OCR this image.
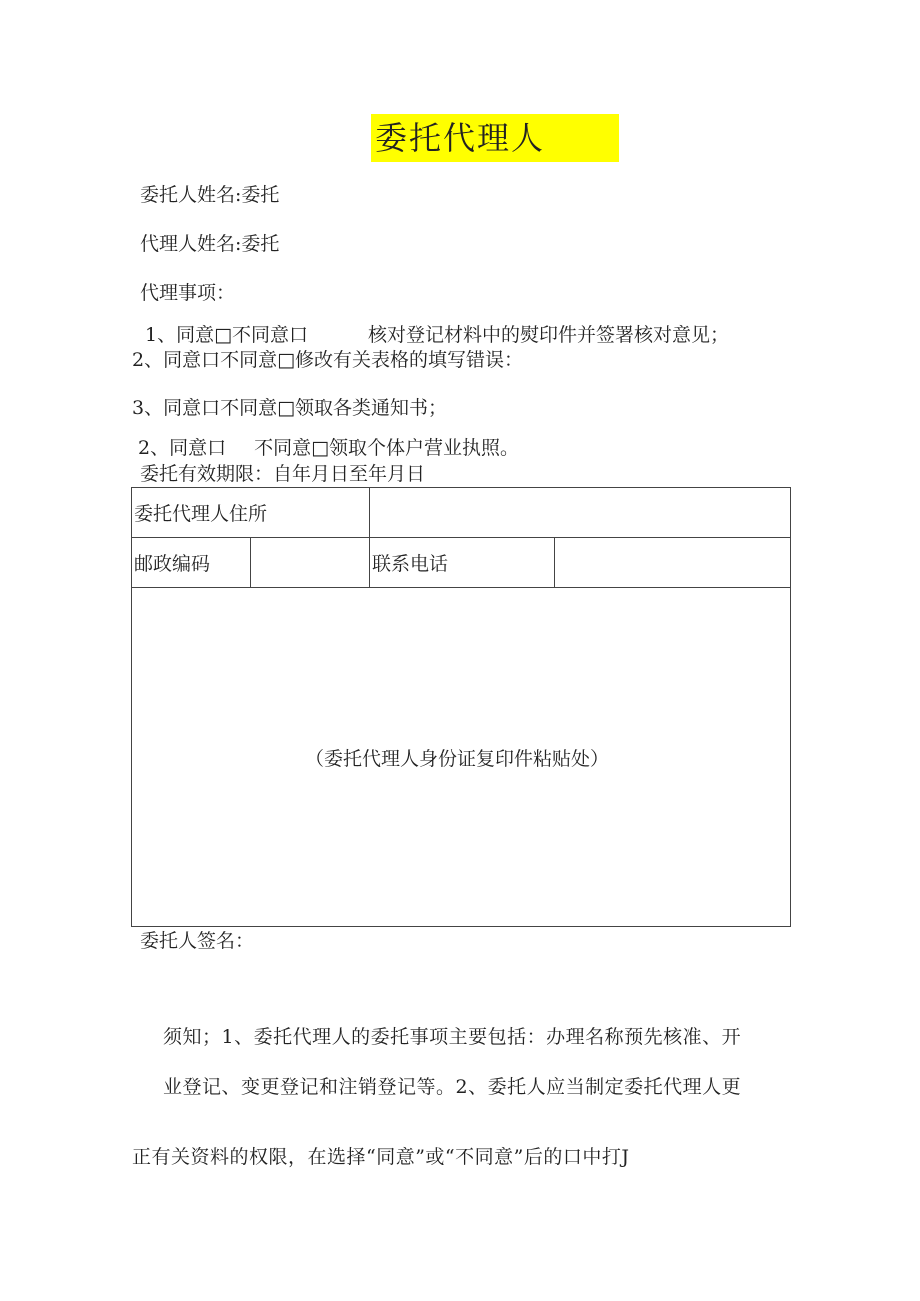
委托代理人
委托人姓名:委托
代理人姓名:委托
代理事项：
1、同意□不同意口	核对登记材料中的熨印件并签署核对意见；
2、同意口不同意□修改有关表格的填写错误：
3、同意口不同意□领取各类通知书；
2、同意口 不同意□领取个体户营业执照。
委托有效期限：自年月日至年月日
委托代理人住所			
邮政编码		联系电话	
（委托代理人身份证复印件粘贴处）			
委托人签名：
须知；1、委托代理人的委托事项主要包括：办理名称预先核准、开
业登记、变更登记和注销登记等。2、委托人应当制定委托代理人更
正有关资料的权限，在选择“同意”或“不同意”后的口中打J
